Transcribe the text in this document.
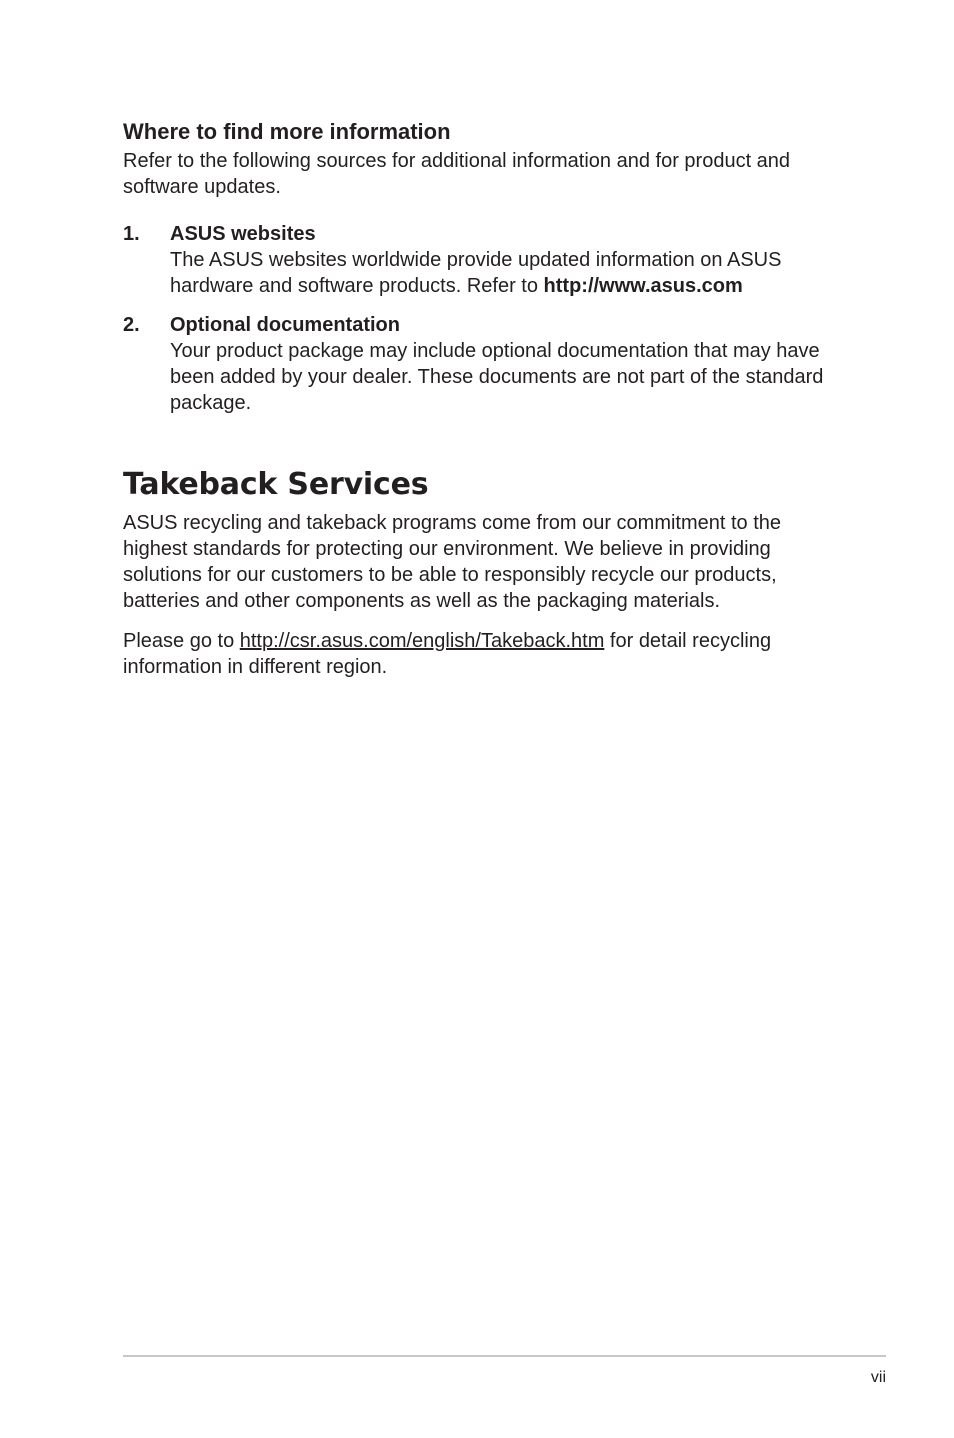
Where to find more information

Refer to the following sources for additional information and for product and software updates.

1. ASUS websites
The ASUS websites worldwide provide updated information on ASUS hardware and software products. Refer to http://www.asus.com
2. Optional documentation
Your product package may include optional documentation that may have been added by your dealer. These documents are not part of the standard package.
Takeback Services

ASUS recycling and takeback programs come from our commitment to the highest standards for protecting our environment. We believe in providing solutions for our customers to be able to responsibly recycle our products, batteries and other components as well as the packaging materials.

Please go to http://csr.asus.com/english/Takeback.htm for detail recycling information in different region.

vii
